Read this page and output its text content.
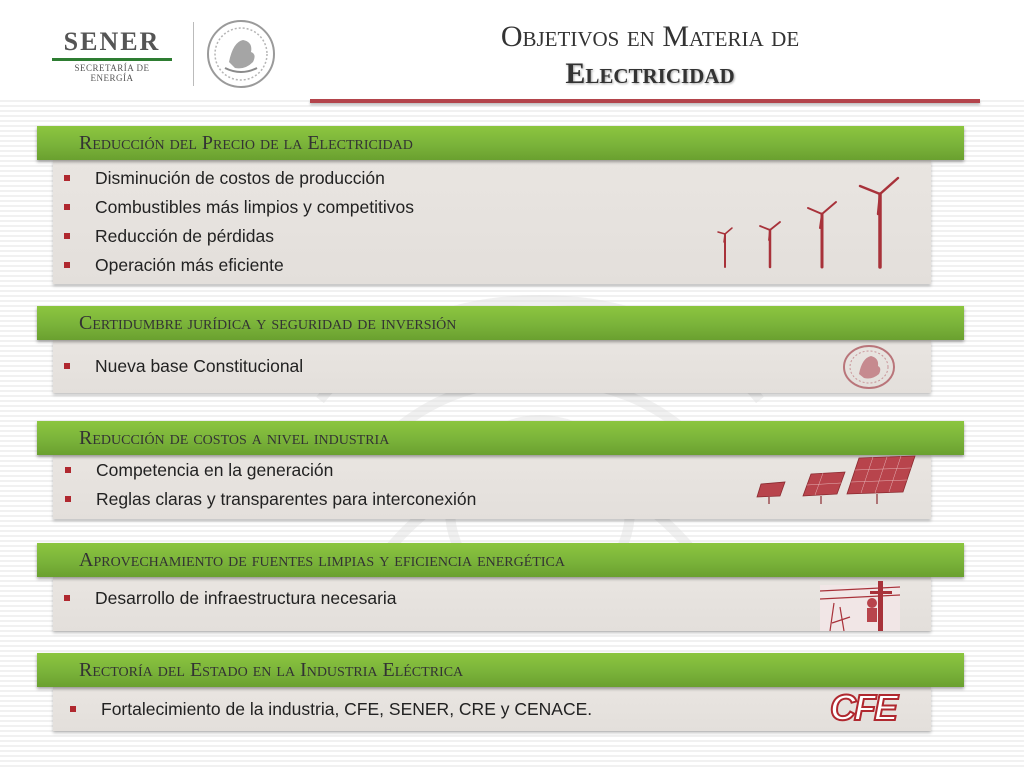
SENER
SECRETARÍA DE ENERGÍA
Objetivos en Materia de
Electricidad
Reducción del Precio de la Electricidad
Disminución de costos de producción
Combustibles más limpios y competitivos
Reducción de pérdidas
Operación más eficiente
Certidumbre jurídica y seguridad de inversión
Nueva base Constitucional
Reducción de costos a nivel industria
Competencia en la generación
Reglas claras y transparentes para interconexión
Aprovechamiento de fuentes limpias y eficiencia energética
Desarrollo de infraestructura necesaria
Rectoría del Estado en la Industria Eléctrica
Fortalecimiento de la industria, CFE, SENER, CRE y CENACE.	CFE
